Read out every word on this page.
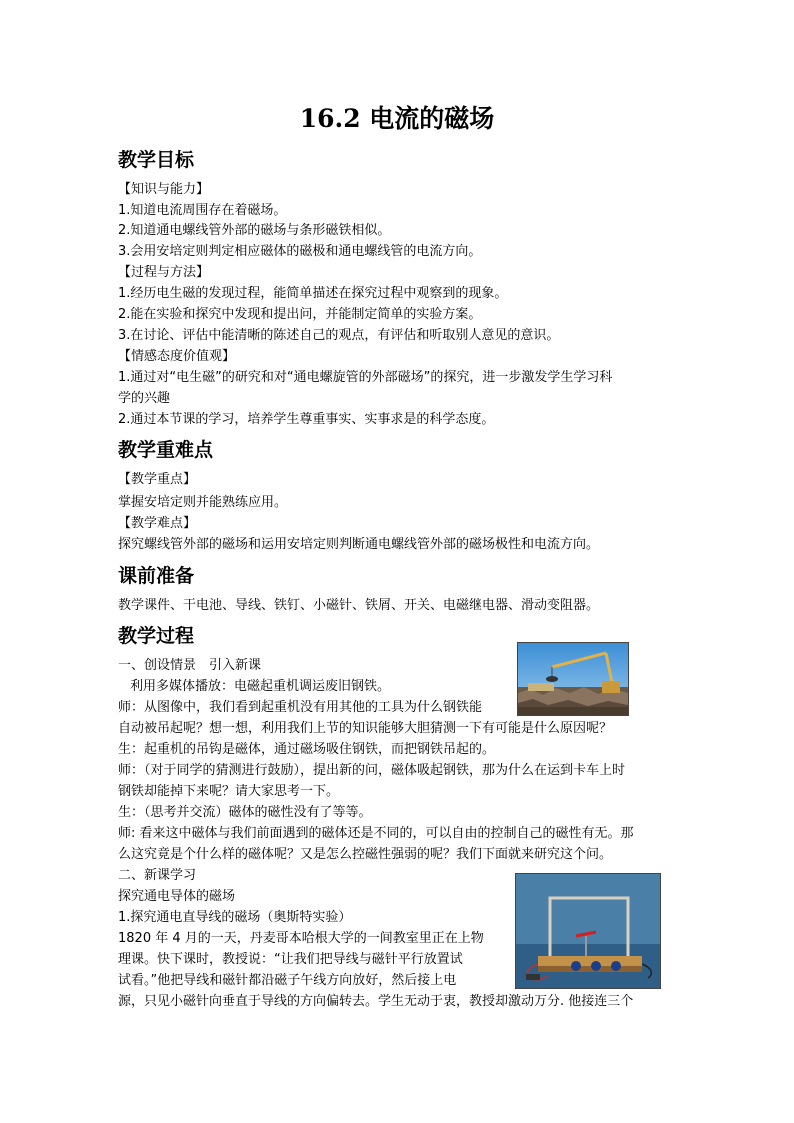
16.2 电流的磁场
教学目标
【知识与能力】
1.知道电流周围存在着磁场。
2.知道通电螺线管外部的磁场与条形磁铁相似。
3.会用安培定则判定相应磁体的磁极和通电螺线管的电流方向。
【过程与方法】
1.经历电生磁的发现过程，能简单描述在探究过程中观察到的现象。
2.能在实验和探究中发现和提出问，并能制定简单的实验方案。
3.在讨论、评估中能清晰的陈述自己的观点，有评估和听取别人意见的意识。
【情感态度价值观】
1.通过对“电生磁”的研究和对“通电螺旋管的外部磁场”的探究，进一步激发学生学习科
学的兴趣
2.通过本节课的学习，培养学生尊重事实、实事求是的科学态度。
教学重难点
【教学重点】
掌握安培定则并能熟练应用。
【教学难点】
探究螺线管外部的磁场和运用安培定则判断通电螺线管外部的磁场极性和电流方向。
课前准备
教学课件、干电池、导线、铁钉、小磁针、铁屑、开关、电磁继电器、滑动变阻器。
教学过程
一、创设情景　引入新课
利用多媒体播放：电磁起重机调运废旧钢铁。
师：从图像中，我们看到起重机没有用其他的工具为什么钢铁能
自动被吊起呢？想一想，利用我们上节的知识能够大胆猜测一下有可能是什么原因呢？
生：起重机的吊钩是磁体，通过磁场吸住钢铁，而把钢铁吊起的。
师：（对于同学的猜测进行鼓励），提出新的问，磁体吸起钢铁，那为什么在运到卡车上时
钢铁却能掉下来呢？请大家思考一下。
生：（思考并交流）磁体的磁性没有了等等。
师: 看来这中磁体与我们前面遇到的磁体还是不同的，可以自由的控制自己的磁性有无。那
么这究竟是个什么样的磁体呢？又是怎么控磁性强弱的呢？我们下面就来研究这个问。
二、新课学习
探究通电导体的磁场
1.探究通电直导线的磁场（奥斯特实验）
1820 年 4 月的一天，丹麦哥本哈根大学的一间教室里正在上物
理课。快下课时，教授说：“让我们把导线与磁针平行放置试
试看。”他把导线和磁针都沿磁子午线方向放好，然后接上电
源，只见小磁针向垂直于导线的方向偏转去。学生无动于衷，教授却激动万分. 他接连三个
